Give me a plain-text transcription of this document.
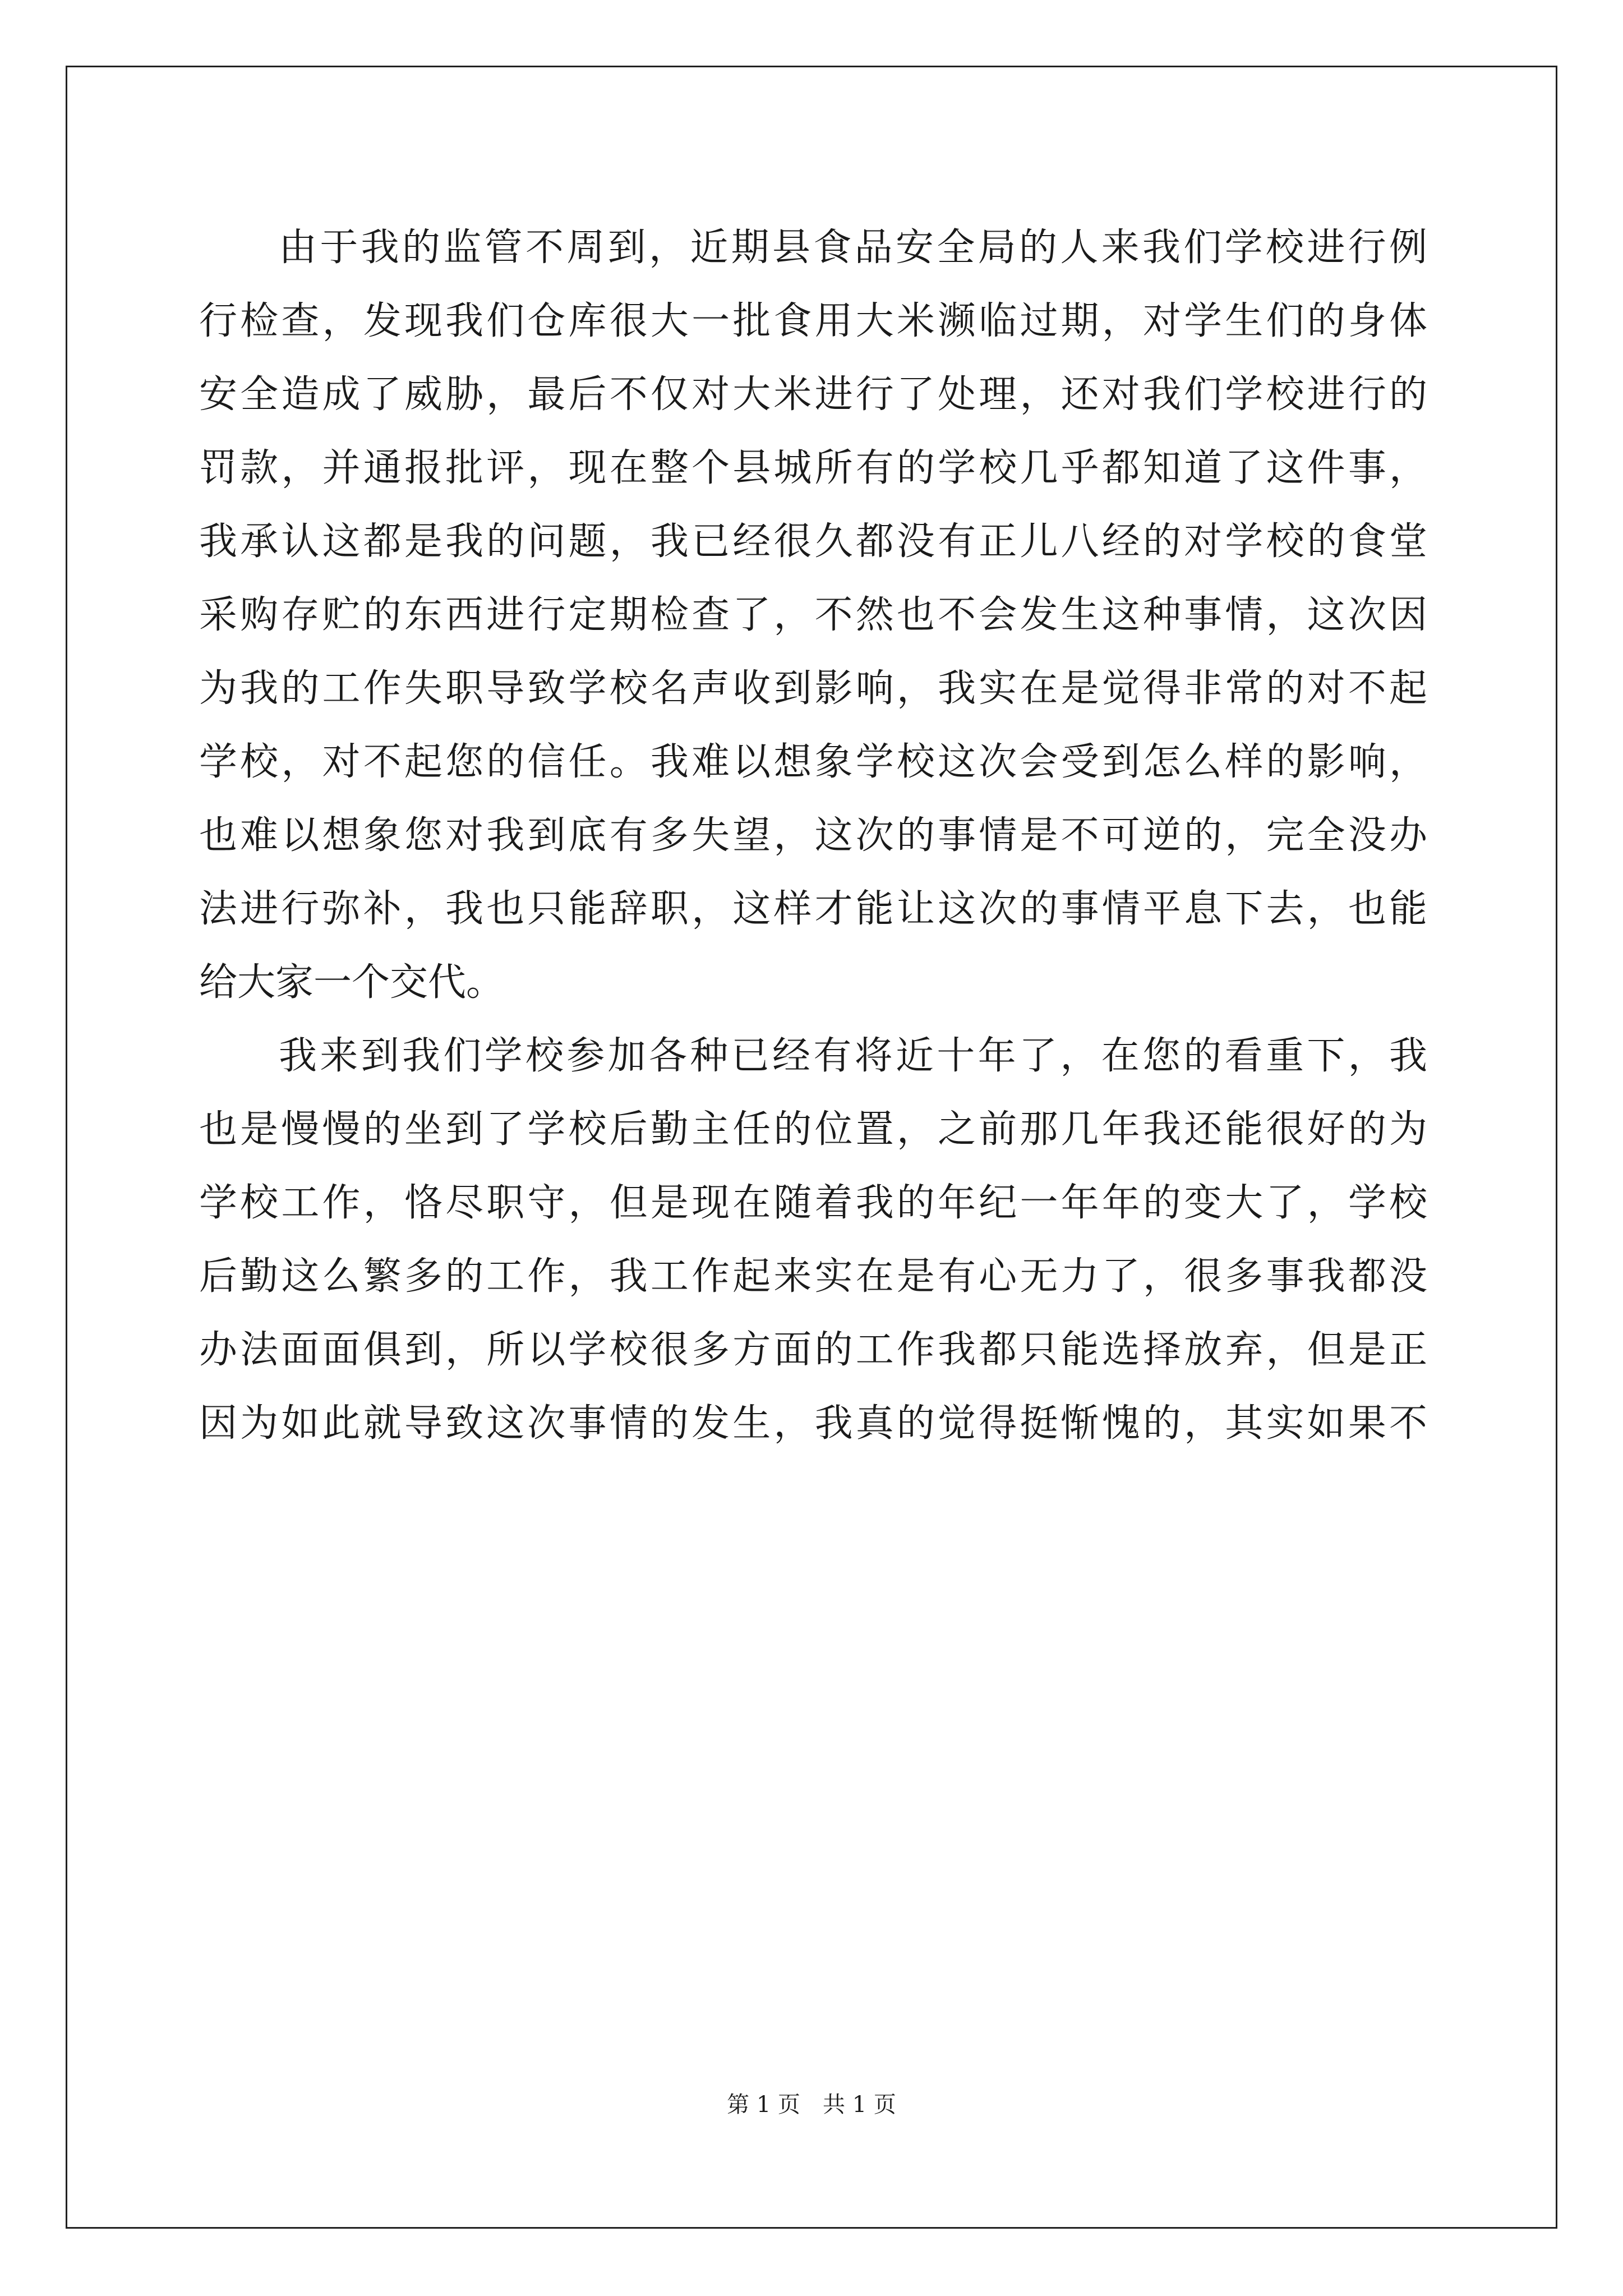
由于我的监管不周到，近期县食品安全局的人来我们学校进行例
行检查，发现我们仓库很大一批食用大米濒临过期，对学生们的身体
安全造成了威胁，最后不仅对大米进行了处理，还对我们学校进行的
罚款，并通报批评，现在整个县城所有的学校几乎都知道了这件事，
我承认这都是我的问题，我已经很久都没有正儿八经的对学校的食堂
采购存贮的东西进行定期检查了，不然也不会发生这种事情，这次因
为我的工作失职导致学校名声收到影响，我实在是觉得非常的对不起
学校，对不起您的信任。我难以想象学校这次会受到怎么样的影响，
也难以想象您对我到底有多失望，这次的事情是不可逆的，完全没办
法进行弥补，我也只能辞职，这样才能让这次的事情平息下去，也能
给大家一个交代。
我来到我们学校参加各种已经有将近十年了，在您的看重下，我
也是慢慢的坐到了学校后勤主任的位置，之前那几年我还能很好的为
学校工作，恪尽职守，但是现在随着我的年纪一年年的变大了，学校
后勤这么繁多的工作，我工作起来实在是有心无力了，很多事我都没
办法面面俱到，所以学校很多方面的工作我都只能选择放弃，但是正
因为如此就导致这次事情的发生，我真的觉得挺惭愧的，其实如果不
第 1 页　共 1 页
